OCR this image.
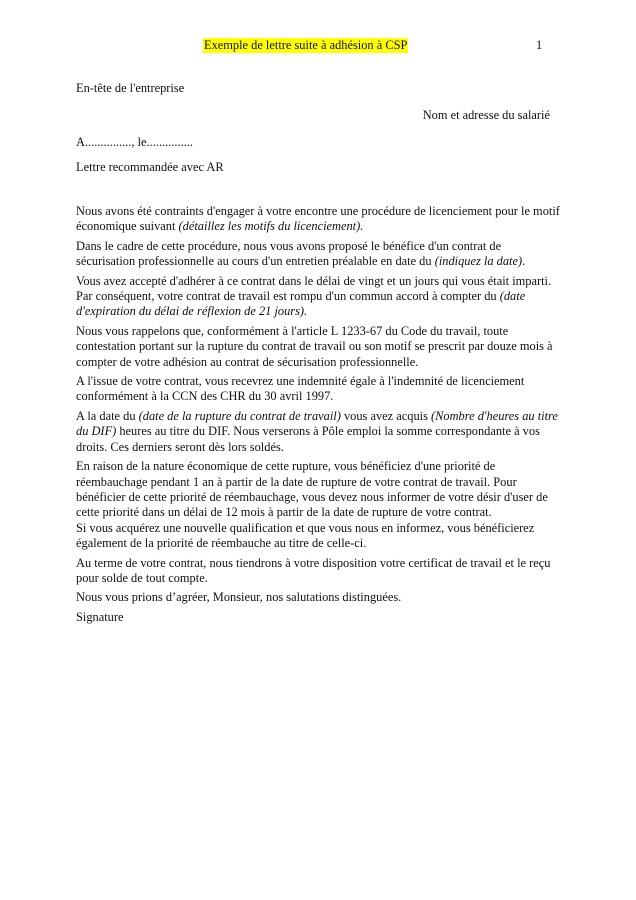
Exemple de lettre suite à adhésion à CSP	1

En-tête de l'entreprise

Nom et adresse du salarié

A..............., le...............

Lettre recommandée avec AR

Nous avons été contraints d'engager à votre encontre une procédure de licenciement pour le motif économique suivant (détaillez les motifs du licenciement).

Dans le cadre de cette procédure, nous vous avons proposé le bénéfice d'un contrat de sécurisation professionnelle au cours d'un entretien préalable en date du (indiquez la date).

Vous avez accepté d'adhérer à ce contrat dans le délai de vingt et un jours qui vous était imparti. Par conséquent, votre contrat de travail est rompu d'un commun accord à compter du (date d'expiration du délai de réflexion de 21 jours).

Nous vous rappelons que, conformément à l'article L 1233-67 du Code du travail, toute contestation portant sur la rupture du contrat de travail ou son motif se prescrit par douze mois à compter de votre adhésion au contrat de sécurisation professionnelle.

A l'issue de votre contrat, vous recevrez une indemnité égale à l'indemnité de licenciement conformément à la CCN des CHR du 30 avril 1997.

A la date du (date de la rupture du contrat de travail) vous avez acquis (Nombre d'heures au titre du DIF) heures au titre du DIF. Nous verserons à Pôle emploi la somme correspondante à vos droits. Ces derniers seront dès lors soldés.

En raison de la nature économique de cette rupture, vous bénéficiez d'une priorité de réembauchage pendant 1 an à partir de la date de rupture de votre contrat de travail. Pour bénéficier de cette priorité de réembauchage, vous devez nous informer de votre désir d'user de cette priorité dans un délai de 12 mois à partir de la date de rupture de votre contrat.

Si vous acquérez une nouvelle qualification et que vous nous en informez, vous bénéficierez également de la priorité de réembauche au titre de celle-ci.

Au terme de votre contrat, nous tiendrons à votre disposition votre certificat de travail et le reçu pour solde de tout compte.

Nous vous prions d’agréer, Monsieur, nos salutations distinguées.

Signature
